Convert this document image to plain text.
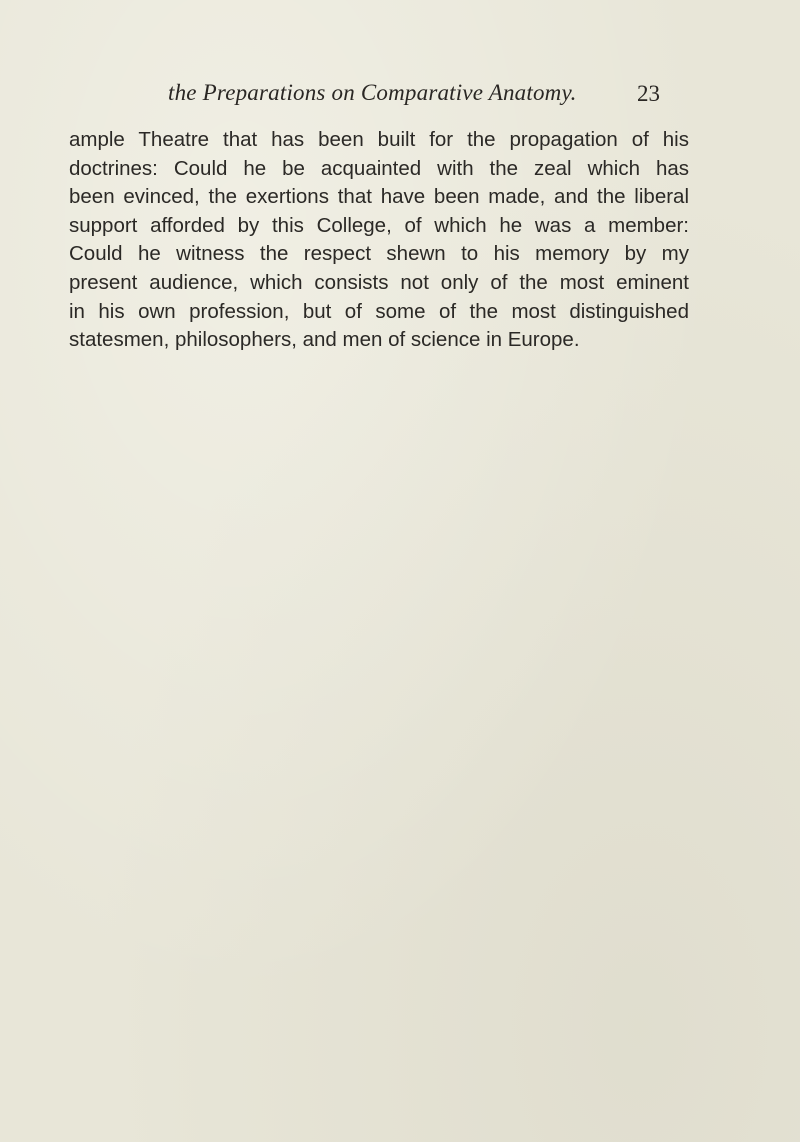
the Preparations on Comparative Anatomy.	23
ample Theatre that has been built for the propagation of his
doctrines: Could he be acquainted with the zeal which has
been evinced, the exertions that have been made, and the liberal
support afforded by this College, of which he was a member:
Could he witness the respect shewn to his memory by my
present audience, which consists not only of the most eminent
in his own profession, but of some of the most distinguished
statesmen, philosophers, and men of science in Europe.
